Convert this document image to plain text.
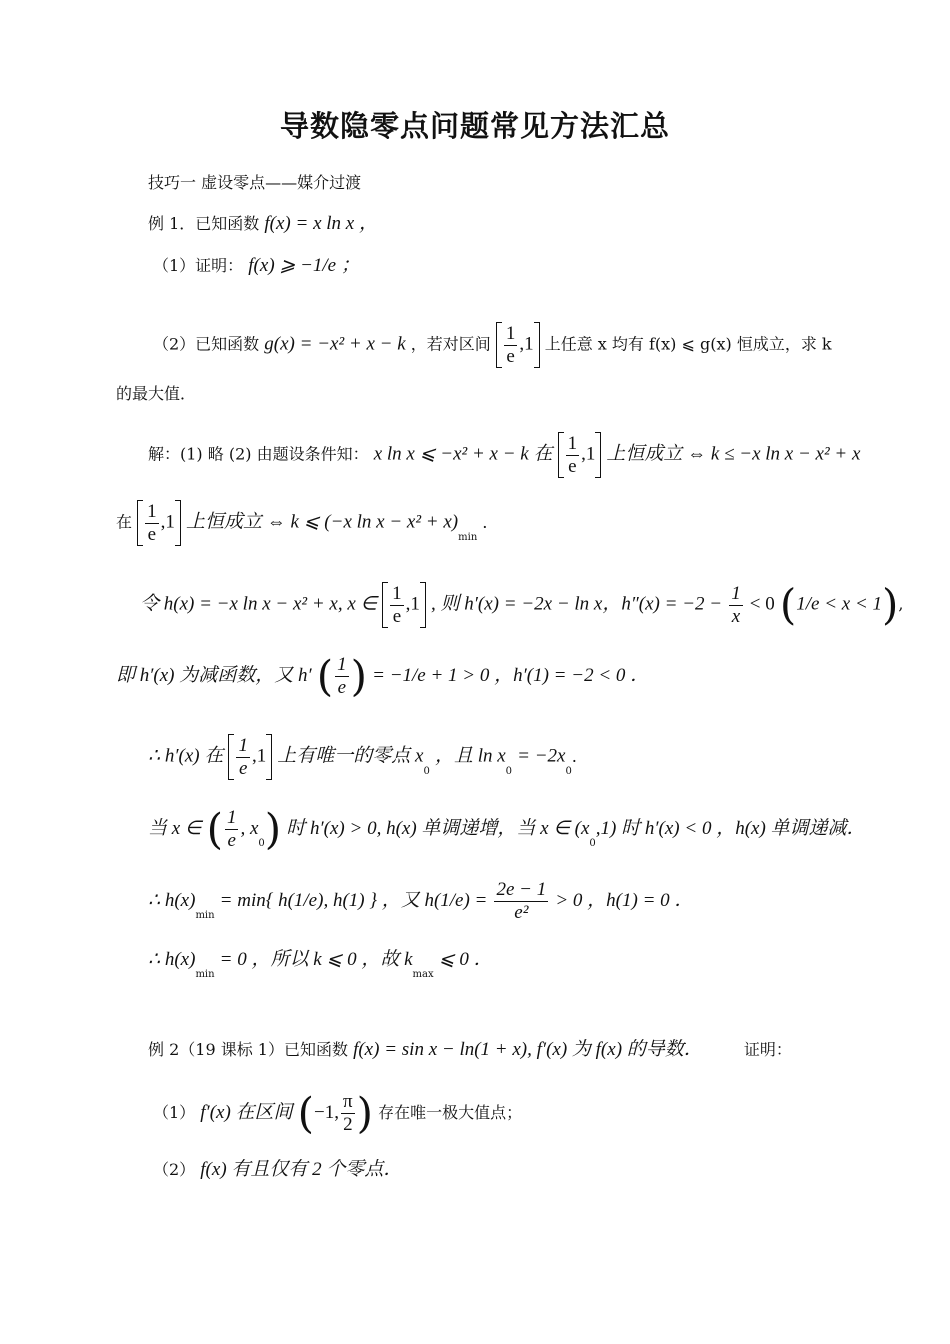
导数隐零点问题常见方法汇总
技巧一 虚设零点——媒介过渡
例 1．已知函数 f(x) = x ln x ，
（1）证明： f(x) ⩾ −1/e ；
（2）已知函数 g(x) = −x² + x − k ，若对区间 $\frac{1}{e} ,1$ 上任意 x 均有 f(x) ⩽ g(x) 恒成立，求 k
的最大值．
解：(1) 略 (2) 由题设条件知： x ln x ⩽ −x² + x − k 在 $\frac{1}{e} ,1$ 上恒成立 ⇔ k ≤ −x ln x − x² + x
在 $\frac{1}{e} ,1$ 上恒成立 ⇔ k ⩽ (−x $\ln x - x^2 + x)_{min}$ ．
令 h(x) = −x ln x − x² + x, x ∈ $\frac{1}{e} ,1$ , 则 h′(x) = −2x − ln x，$h''(x) = -2 - \frac{1}{x} < 0$ (1/e < x < 1),
即 h′(x) 为减函数，又 h′ ( $\frac{1}{e}$ ) = −1/e + 1 > 0 ，h′(1) = −2 < 0 ．
∴ h′(x) 在 $\frac{1}{e} ,1$ 上有唯一的零点 $x_0$ ，且 $\ln x_0 = -2x_0$．
当 x ∈ ( $\frac{1}{e}$ , $x_0$) 时 h′(x) > 0, h(x) 单调递增，当 x ∈ $(x_0,1)$ 时 h′(x) < 0 ，h(x) 单调递减．
∴ $h(x)_{min} = \min${ h(1/e), h(1) } ，又 $h(1/e) = \frac{2e - 1}{\text{e²}} > 0$ ，h(1) = 0 ．
∴ $h(x)_{min} = 0$ ，所以 k ⩽ 0 ，故 $k_{max}$ ⩽ 0 ．
例 2（19 课标 1）已知函数 f(x) = sin x − ln(1 + x), f′(x) 为 f(x) 的导数．	证明：
（1） f′(x) 在区间 (−1, $\frac{\pi}{2}$ ) 存在唯一极大值点；
（2） f(x) 有且仅有 2 个零点．
